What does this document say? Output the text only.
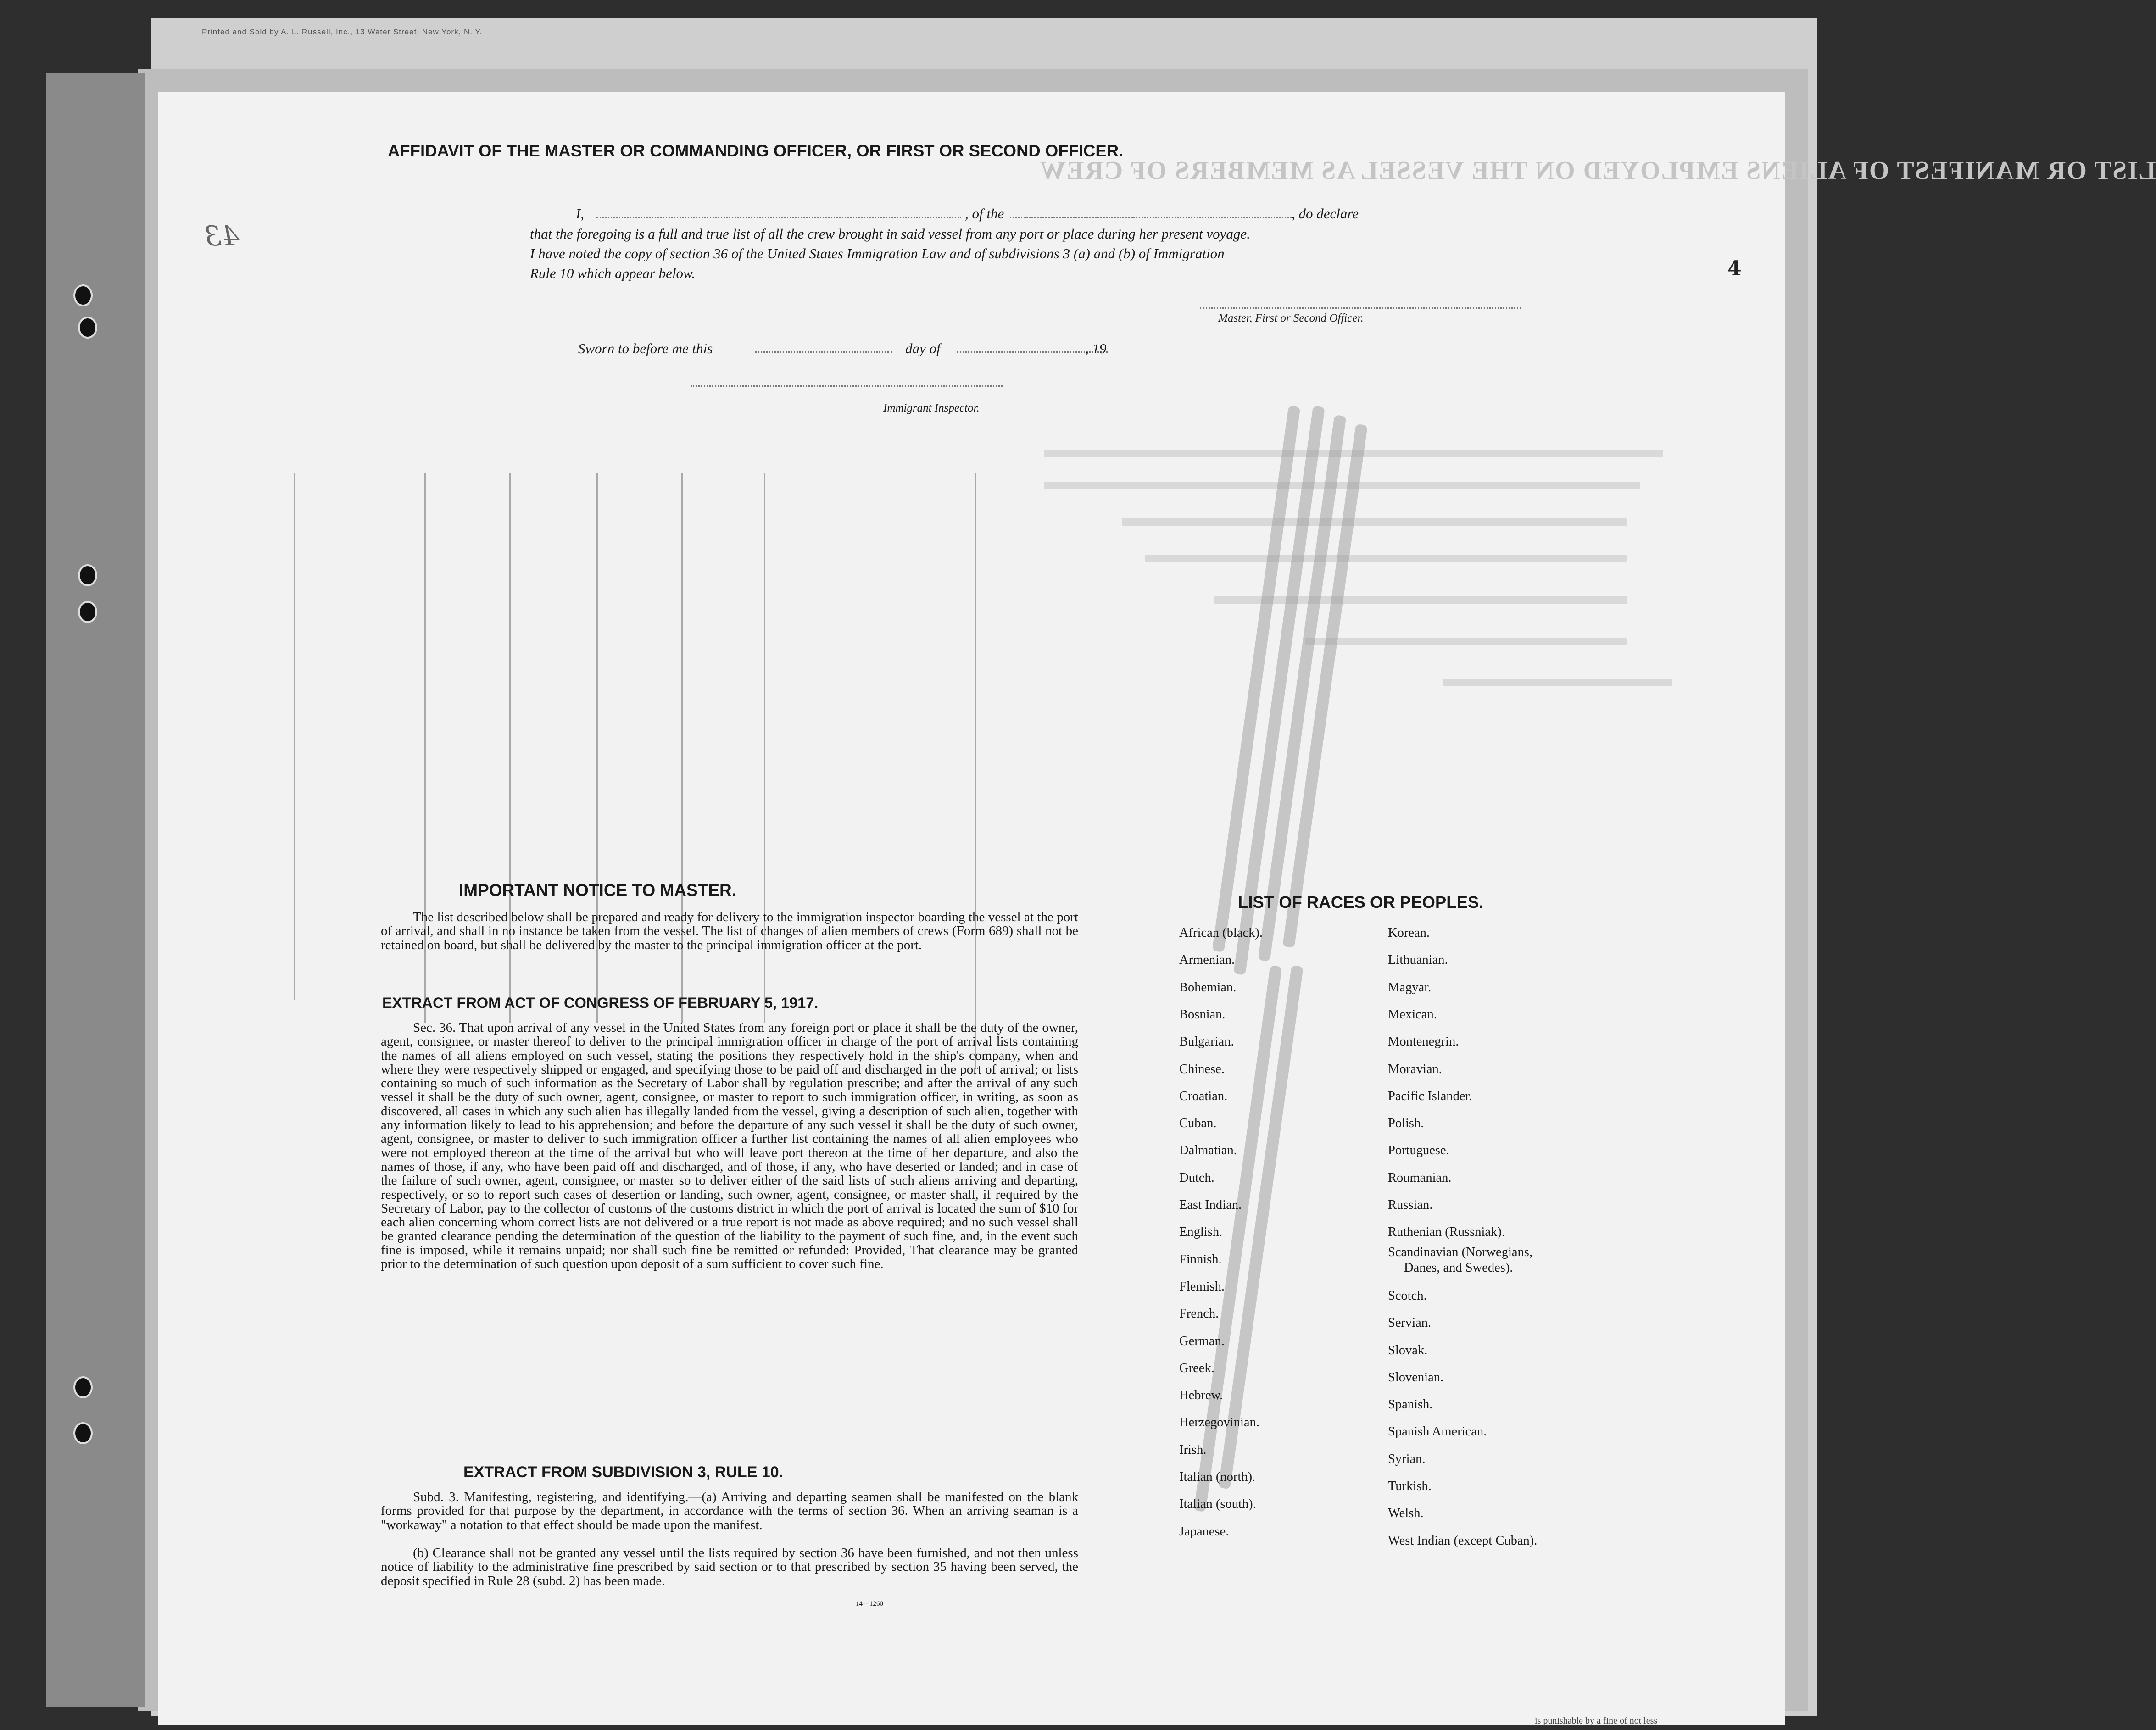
Printed and Sold by A. L. Russell, Inc., 13 Water Street, New York, N. Y.
LIST OR MANIFEST OF ALIENS EMPLOYED ON THE VESSEL AS MEMBERS OF CREW
43
4
AFFIDAVIT OF THE MASTER OR COMMANDING OFFICER, OR FIRST OR SECOND OFFICER.
I,	, of the	, do declare
that the foregoing is a full and true list of all the crew brought in said vessel from any port or place during her present voyage.
I have noted the copy of section 36 of the United States Immigration Law and of subdivisions 3 (a) and (b) of Immigration
Rule 10 which appear below.
Master, First or Second Officer.
Sworn to before me this	day of	, 19
Immigrant Inspector.
IMPORTANT NOTICE TO MASTER.
The list described below shall be prepared and ready for delivery to the immigration inspector boarding the vessel at the port of arrival, and shall in no instance be taken from the vessel. The list of changes of alien members of crews (Form 689) shall not be retained on board, but shall be delivered by the master to the principal immigration officer at the port.
EXTRACT FROM ACT OF CONGRESS OF FEBRUARY 5, 1917.
Sec. 36. That upon arrival of any vessel in the United States from any foreign port or place it shall be the duty of the owner, agent, consignee, or master thereof to deliver to the principal immigration officer in charge of the port of arrival lists containing the names of all aliens employed on such vessel, stating the positions they respectively hold in the ship's company, when and where they were respectively shipped or engaged, and specifying those to be paid off and discharged in the port of arrival; or lists containing so much of such information as the Secretary of Labor shall by regulation prescribe; and after the arrival of any such vessel it shall be the duty of such owner, agent, consignee, or master to report to such immigration officer, in writing, as soon as discovered, all cases in which any such alien has illegally landed from the vessel, giving a description of such alien, together with any information likely to lead to his apprehension; and before the departure of any such vessel it shall be the duty of such owner, agent, consignee, or master to deliver to such immigration officer a further list containing the names of all alien employees who were not employed thereon at the time of the arrival but who will leave port thereon at the time of her departure, and also the names of those, if any, who have been paid off and discharged, and of those, if any, who have deserted or landed; and in case of the failure of such owner, agent, consignee, or master so to deliver either of the said lists of such aliens arriving and departing, respectively, or so to report such cases of desertion or landing, such owner, agent, consignee, or master shall, if required by the Secretary of Labor, pay to the collector of customs of the customs district in which the port of arrival is located the sum of $10 for each alien concerning whom correct lists are not delivered or a true report is not made as above required; and no such vessel shall be granted clearance pending the determination of the question of the liability to the payment of such fine, and, in the event such fine is imposed, while it remains unpaid; nor shall such fine be remitted or refunded: Provided, That clearance may be granted prior to the determination of such question upon deposit of a sum sufficient to cover such fine.
EXTRACT FROM SUBDIVISION 3, RULE 10.
Subd. 3. Manifesting, registering, and identifying.—(a) Arriving and departing seamen shall be manifested on the blank forms provided for that purpose by the department, in accordance with the terms of section 36. When an arriving seaman is a "workaway" a notation to that effect should be made upon the manifest.
(b) Clearance shall not be granted any vessel until the lists required by section 36 have been furnished, and not then unless notice of liability to the administrative fine prescribed by said section or to that prescribed by section 35 having been served, the deposit specified in Rule 28 (subd. 2) has been made.
14—1260
LIST OF RACES OR PEOPLES.
African (black).
Armenian.
Bohemian.
Bosnian.
Bulgarian.
Chinese.
Croatian.
Cuban.
Dalmatian.
Dutch.
East Indian.
English.
Finnish.
Flemish.
French.
German.
Greek.
Hebrew.
Herzegovinian.
Irish.
Italian (north).
Italian (south).
Japanese.
Korean.
Lithuanian.
Magyar.
Mexican.
Montenegrin.
Moravian.
Pacific Islander.
Polish.
Portuguese.
Roumanian.
Russian.
Ruthenian (Russniak).
Scandinavian (Norwegians,
Danes, and Swedes).
Scotch.
Servian.
Slovak.
Slovenian.
Spanish.
Spanish American.
Syrian.
Turkish.
Welsh.
West Indian (except Cuban).
is punishable by a fine of not less
